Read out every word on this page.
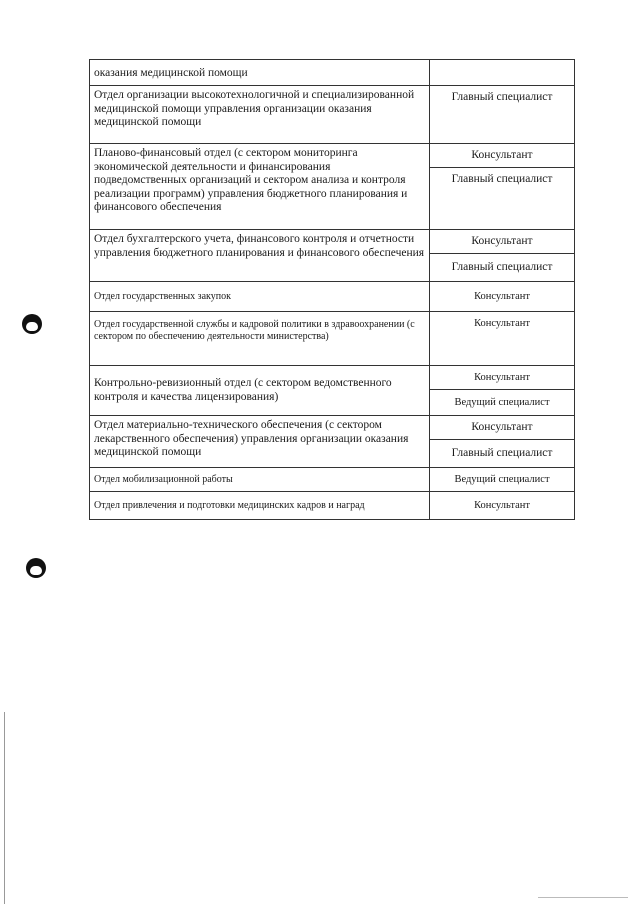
оказания медицинской помощи	
Отдел организации высокотехнологичной и специализированной медицинской помощи управления организации оказания медицинской помощи	Главный специалист
Планово-финансовый отдел (с сектором мониторинга экономической деятельности и финансирования подведомственных организаций и сектором анализа и контроля реализации программ) управления бюджетного планирования и финансового обеспечения	Консультант
	Главный специалист
Отдел бухгалтерского учета, финансового контроля и отчетности управления бюджетного планирования и финансового обеспечения	Консультант
	Главный специалист
Отдел государственных закупок	Консультант
Отдел государственной службы и кадровой политики в здравоохранении (с сектором по обеспечению деятельности министерства)	Консультант
Контрольно-ревизионный отдел (с сектором ведомственного контроля и качества лицензирования)	Консультант
	Ведущий специалист
Отдел материально-технического обеспечения (с сектором лекарственного обеспечения) управления организации оказания медицинской помощи	Консультант
	Главный специалист
Отдел мобилизационной работы	Ведущий специалист
Отдел привлечения и подготовки медицинских кадров и наград	Консультант
